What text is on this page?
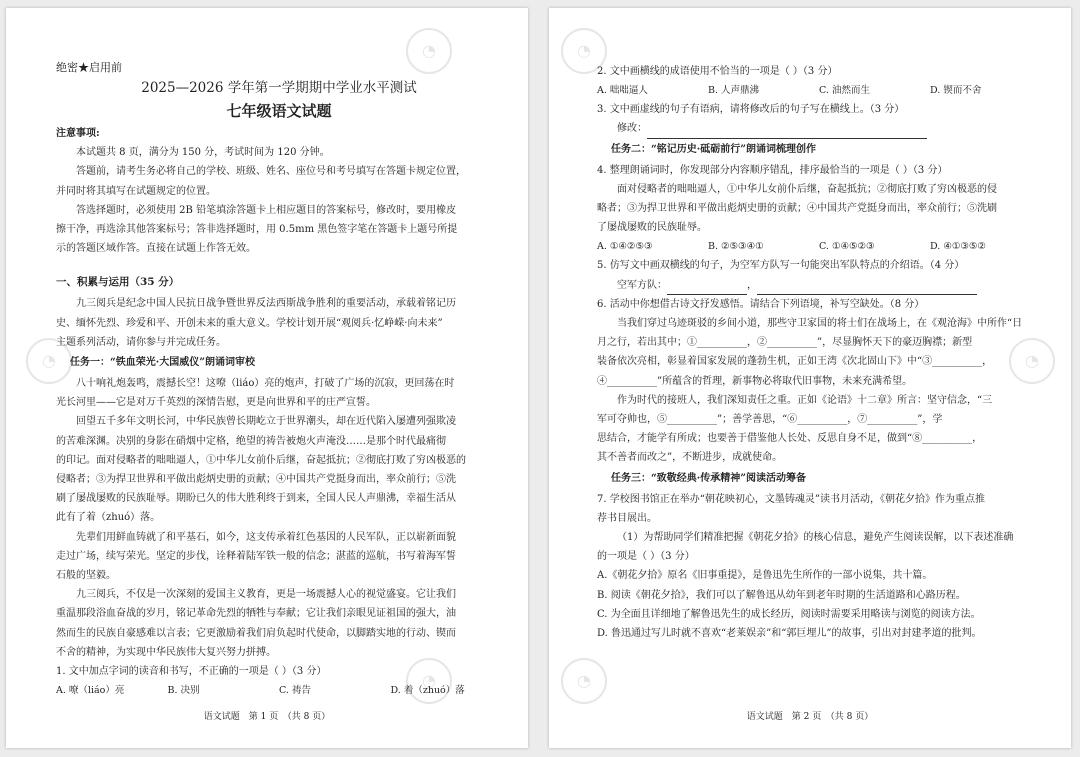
◔
◔
◔
绝密★启用前
2025—2026 学年第一学期期中学业水平测试
七年级语文试题
注意事项:
本试题共 8 页，满分为 150 分，考试时间为 120 分钟。
答题前，请考生务必将自己的学校、班级、姓名、座位号和考号填写在答题卡规定位置，
并同时将其填写在试题规定的位置。
答选择题时，必须使用 2B 铅笔填涂答题卡上相应题目的答案标号，修改时，要用橡皮
擦干净，再选涂其他答案标号；答非选择题时，用 0.5mm 黑色签字笔在答题卡上题号所提
示的答题区域作答。直接在试题上作答无效。
一、积累与运用（35 分）
九三阅兵是纪念中国人民抗日战争暨世界反法西斯战争胜利的重要活动，承载着铭记历
史、缅怀先烈、珍爱和平、开创未来的重大意义。学校计划开展“观阅兵·忆峥嵘·向未来”
主题系列活动，请你参与并完成任务。
任务一：“铁血荣光·大国威仪”朗诵词审校
八十响礼炮轰鸣，震撼长空！这嘹（liáo）亮的炮声，打破了广场的沉寂，更回荡在时
光长河里——它是对万千英烈的深情告慰，更是向世界和平的庄严宣誓。
回望五千多年文明长河，中华民族曾长期屹立于世界潮头，却在近代陷入屡遭列强欺凌
的苦难深渊。决别的身影在硝烟中定格，绝望的祷告被炮火声淹没……是那个时代最痛彻
的印记。面对侵略者的咄咄逼人，①中华儿女前仆后继，奋起抵抗；②彻底打败了穷凶极恶的
侵略者；③为捍卫世界和平做出彪炳史册的贡献；④中国共产党挺身而出，率众前行；⑤洗
刷了屡战屡败的民族耻辱。期盼已久的伟大胜利终于到来，全国人民人声鼎沸，幸福生活从
此有了着（zhuó）落。
先辈们用鲜血铸就了和平基石，如今，这支传承着红色基因的人民军队，正以崭新面貌
走过广场，续写荣光。坚定的步伐，诠释着陆军铁一般的信念；湛蓝的巡航，书写着海军誓
石般的坚毅。
九三阅兵，不仅是一次深刻的爱国主义教育，更是一场震撼人心的视觉盛宴。它让我们
重温那段浴血奋战的岁月，铭记革命先烈的牺牲与奉献；它让我们亲眼见证祖国的强大，油
然而生的民族自豪感难以言表；它更激励着我们肩负起时代使命，以脚踏实地的行动、锲而
不舍的精神，为实现中华民族伟大复兴努力拼搏。
1. 文中加点字词的读音和书写，不正确的一项是（ ）（3 分）
A. 嘹（liáo）亮	B. 决别	C. 祷告	D. 着（zhuó）落
语文试题　第 1 页　（共 8 页）
◔
◔
◔
2. 文中画横线的成语使用不恰当的一项是（ ）（3 分）
A. 咄咄逼人	B. 人声鼎沸	C. 油然而生	D. 锲而不舍
3. 文中画虚线的句子有语病，请将修改后的句子写在横线上。（3 分）
修改：
任务二：“铭记历史·砥砺前行”朗诵词梳理创作
4. 整理朗诵词时，你发现部分内容顺序错乱，排序最恰当的一项是（ ）（3 分）
面对侵略者的咄咄逼人，①中华儿女前仆后继，奋起抵抗；②彻底打败了穷凶极恶的侵
略者；③为捍卫世界和平做出彪炳史册的贡献；④中国共产党挺身而出，率众前行；⑤洗刷
了屡战屡败的民族耻辱。
A. ①④②⑤③	B. ②⑤③④①	C. ①④⑤②③	D. ④①③⑤②
5. 仿写文中画双横线的句子，为空军方队写一句能突出军队特点的介绍语。（4 分）
空军方队：	，
6. 活动中你想借古诗文抒发感悟。请结合下列语境，补写空缺处。（8 分）
当我们穿过乌迹斑驳的乡间小道，那些守卫家国的将士们在战场上，在《观沧海》中所作“日
月之行，若出其中；①__________，②__________”，尽显胸怀天下的豪迈胸襟；新型
装备依次亮相，彰显着国家发展的蓬勃生机，正如王湾《次北固山下》中“③__________，
④__________”所蕴含的哲理，新事物必将取代旧事物，未来充满希望。
作为时代的接班人，我们深知责任之重。正如《论语》十二章》所言：坚守信念，“三
军可夺帅也，⑤__________”；善学善思，“⑥__________，⑦__________”，学
思结合，才能学有所成；也要善于借鉴他人长处、反思自身不足，做到“⑧__________，
其不善者而改之”，不断进步，成就使命。
任务三：“致敬经典·传承精神”阅读活动筹备
7. 学校图书馆正在举办“朝花映初心，文墨铸魂灵”读书月活动，《朝花夕拾》作为重点推
荐书目展出。
（1）为帮助同学们精准把握《朝花夕拾》的核心信息，避免产生阅读误解，以下表述准确
的一项是（ ）（3 分）
A.《朝花夕拾》原名《旧事重提》，是鲁迅先生所作的一部小说集，共十篇。
B. 阅读《朝花夕拾》，我们可以了解鲁迅从幼年到老年时期的生活道路和心路历程。
C. 为全面且详细地了解鲁迅先生的成长经历，阅读时需要采用略读与浏览的阅读方法。
D. 鲁迅通过写儿时就不喜欢“老莱娱亲”和“郭巨埋儿”的故事，引出对封建孝道的批判。
语文试题　第 2 页　（共 8 页）
